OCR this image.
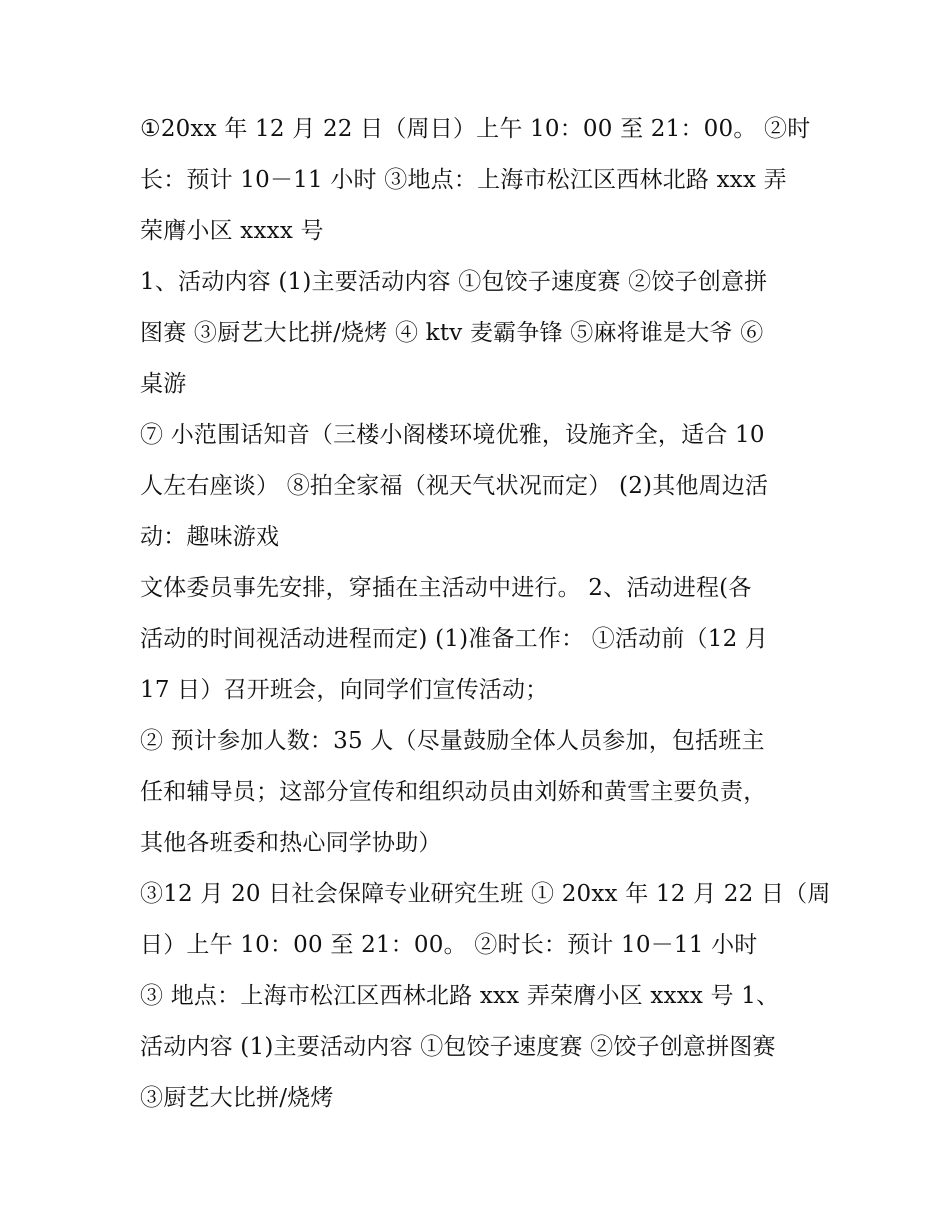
①20xx 年 12 月 22 日（周日）上午 10：00 至 21：00。 ②时
长：预计 10－11 小时 ③地点：上海市松江区西林北路 xxx 弄
荣膺小区 xxxx 号
1、活动内容 (1)主要活动内容 ①包饺子速度赛 ②饺子创意拼
图赛 ③厨艺大比拼/烧烤 ④ ktv 麦霸争锋 ⑤麻将谁是大爷 ⑥
桌游
⑦ 小范围话知音（三楼小阁楼环境优雅，设施齐全，适合 10
人左右座谈） ⑧拍全家福（视天气状况而定） (2)其他周边活
动：趣味游戏
文体委员事先安排，穿插在主活动中进行。 2、活动进程(各
活动的时间视活动进程而定) (1)准备工作： ①活动前（12 月
17 日）召开班会，向同学们宣传活动；
② 预计参加人数：35 人（尽量鼓励全体人员参加，包括班主
任和辅导员；这部分宣传和组织动员由刘娇和黄雪主要负责，
其他各班委和热心同学协助）
③12 月 20 日社会保障专业研究生班 ① 20xx 年 12 月 22 日（周
日）上午 10：00 至 21：00。 ②时长：预计 10－11 小时
③ 地点：上海市松江区西林北路 xxx 弄荣膺小区 xxxx 号 1、
活动内容 (1)主要活动内容 ①包饺子速度赛 ②饺子创意拼图赛
③厨艺大比拼/烧烤
